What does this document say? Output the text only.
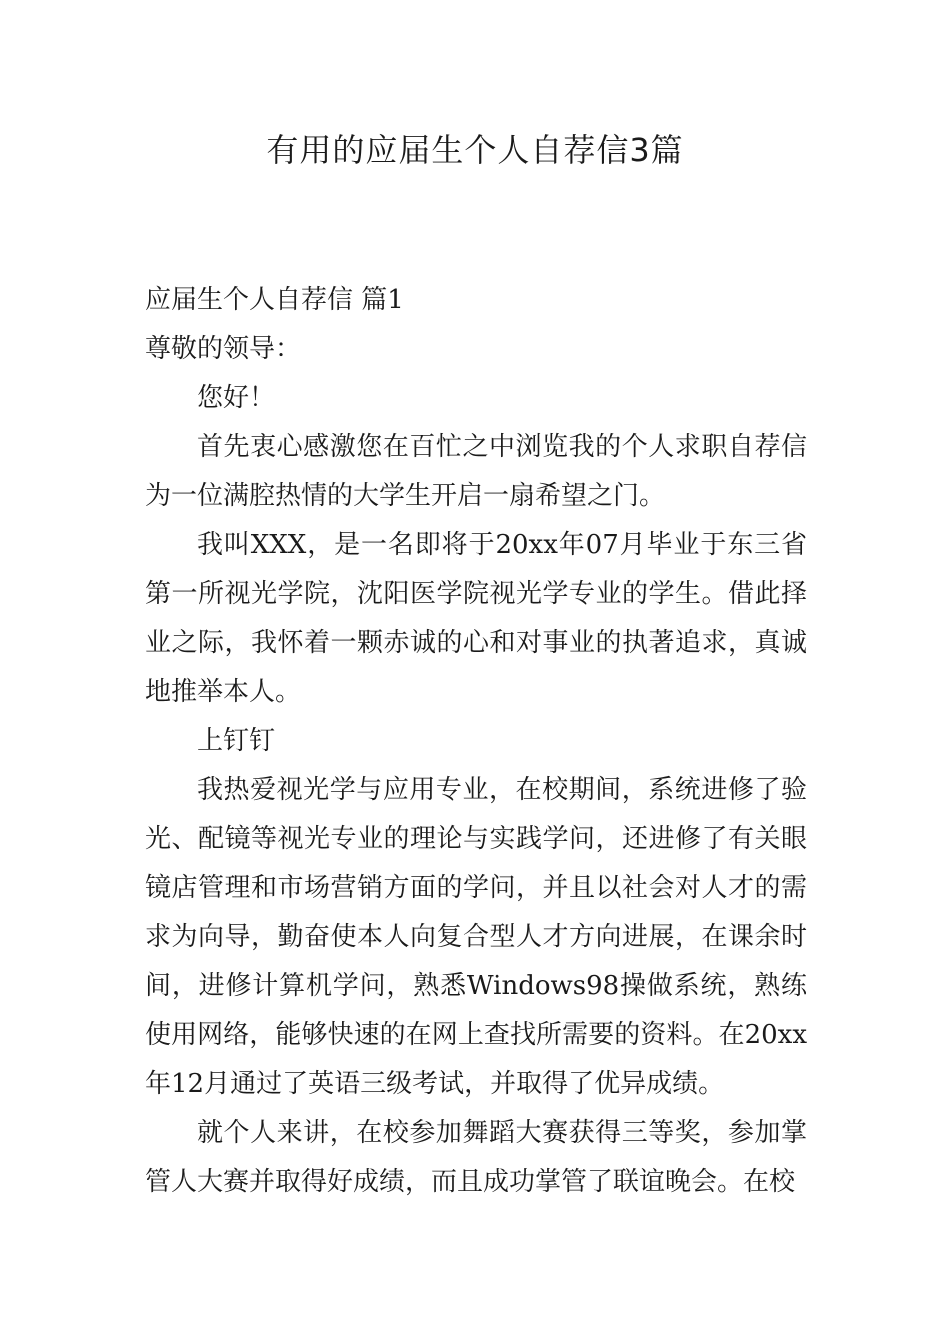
有用的应届生个人自荐信3篇

应届生个人自荐信 篇1

尊敬的领导：

您好！

首先衷心感激您在百忙之中浏览我的个人求职自荐信为一位满腔热情的大学生开启一扇希望之门。

我叫XXX，是一名即将于20xx年07月毕业于东三省第一所视光学院，沈阳医学院视光学专业的学生。借此择业之际，我怀着一颗赤诚的心和对事业的执著追求，真诚地推举本人。

上钉钉

我热爱视光学与应用专业，在校期间，系统进修了验光、配镜等视光专业的理论与实践学问，还进修了有关眼镜店管理和市场营销方面的学问，并且以社会对人才的需求为向导，勤奋使本人向复合型人才方向进展，在课余时间，进修计算机学问，熟悉Windows98操做系统，熟练使用网络，能够快速的在网上查找所需要的资料。在20xx年12月通过了英语三级考试，并取得了优异成绩。

就个人来讲，在校参加舞蹈大赛获得三等奖，参加掌管人大赛并取得好成绩，而且成功掌管了联谊晚会。在校
